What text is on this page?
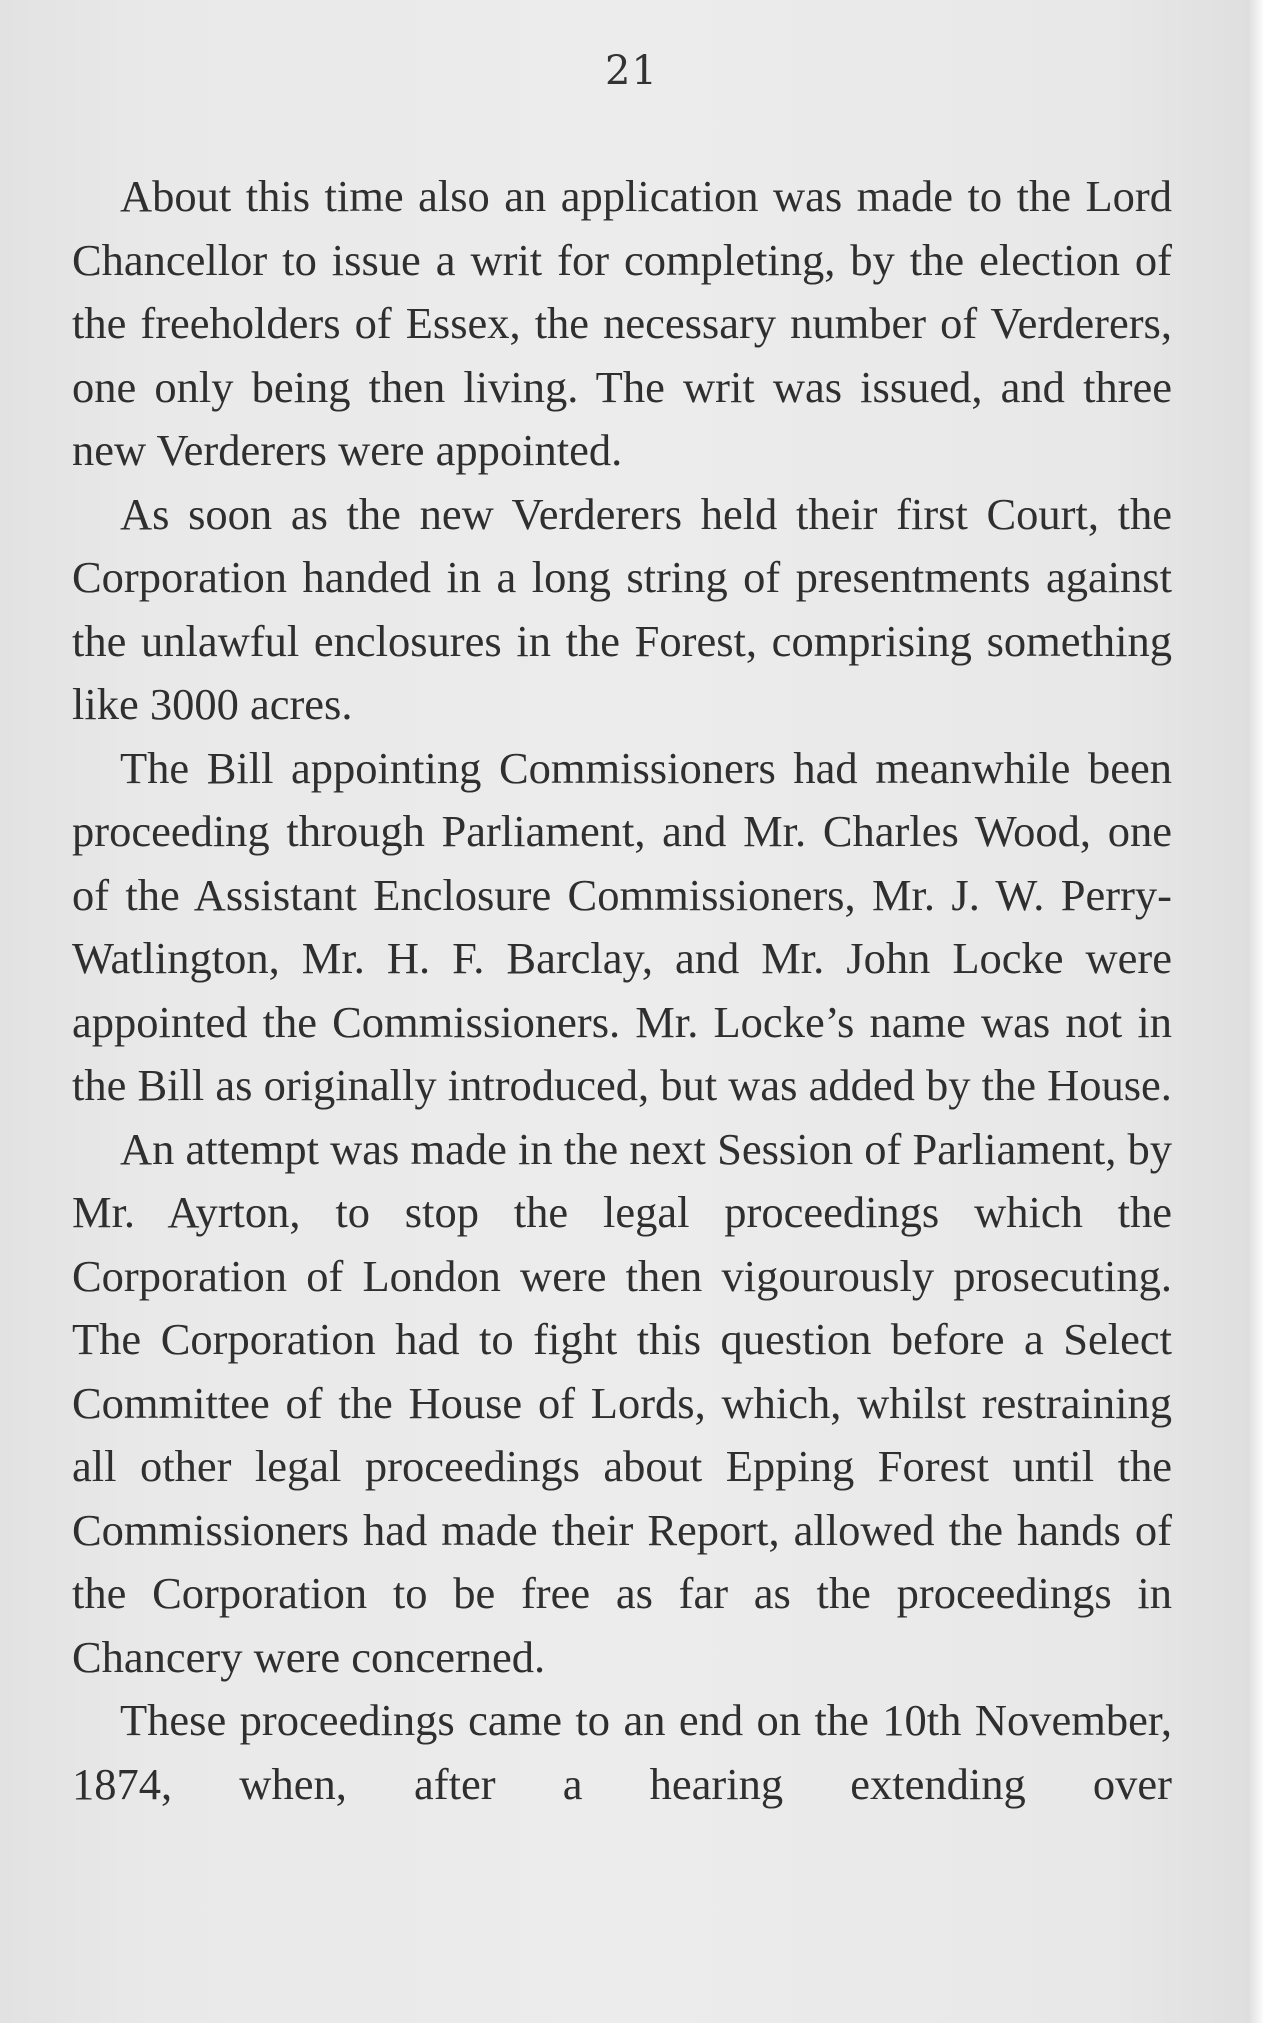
21

About this time also an application was made to the Lord Chancellor to issue a writ for completing, by the election of the freeholders of Essex, the necessary number of Verderers, one only being then living. The writ was issued, and three new Verderers were appointed.

As soon as the new Verderers held their first Court, the Corporation handed in a long string of presentments against the unlawful enclosures in the Forest, comprising something like 3000 acres.

The Bill appointing Commissioners had meanwhile been proceeding through Parliament, and Mr. Charles Wood, one of the Assistant Enclosure Commissioners, Mr. J. W. Perry-Watlington, Mr. H. F. Barclay, and Mr. John Locke were appointed the Commissioners. Mr. Locke’s name was not in the Bill as originally introduced, but was added by the House.

An attempt was made in the next Session of Parliament, by Mr. Ayrton, to stop the legal proceedings which the Corporation of London were then vigourously prosecuting. The Corporation had to fight this question before a Select Committee of the House of Lords, which, whilst restraining all other legal proceedings about Epping Forest until the Commissioners had made their Report, allowed the hands of the Corporation to be free as far as the proceedings in Chancery were concerned.

These proceedings came to an end on the 10th November, 1874, when, after a hearing extending over
